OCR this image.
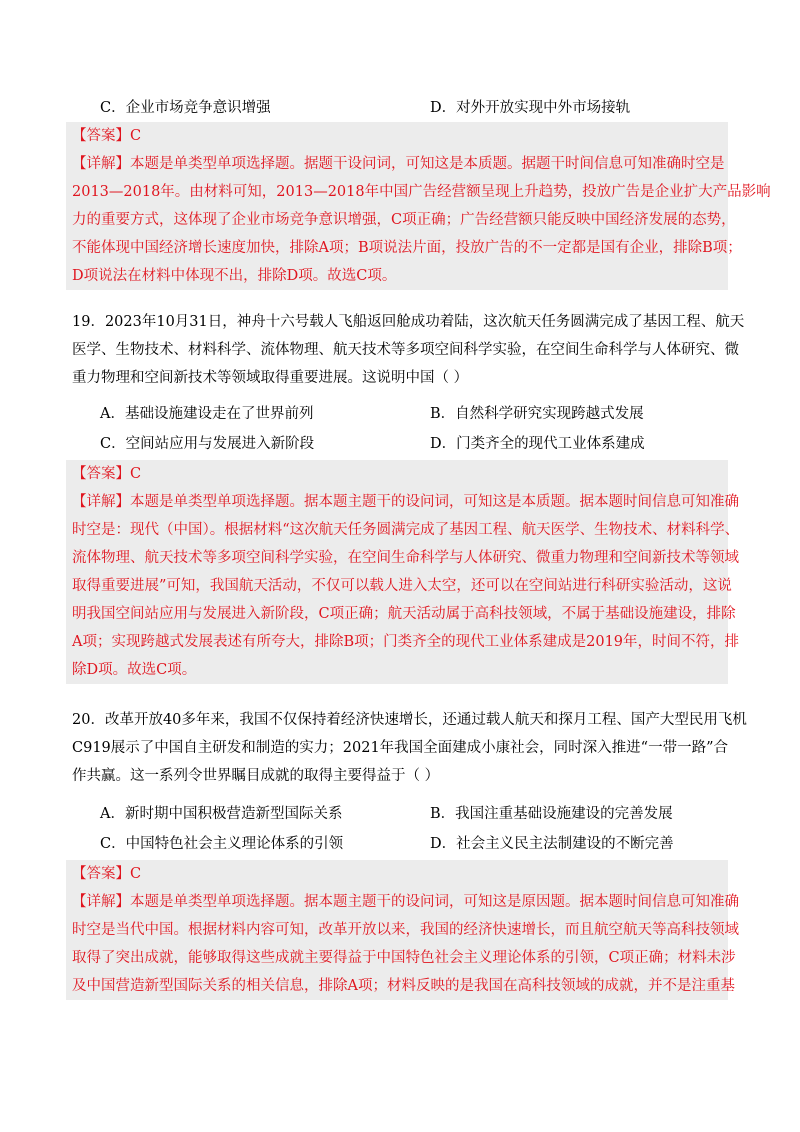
C．企业市场竞争意识增强	D．对外开放实现中外市场接轨
【答案】C
【详解】本题是单类型单项选择题。据题干设问词，可知这是本质题。据题干时间信息可知准确时空是
2013—2018年。由材料可知，2013—2018年中国广告经营额呈现上升趋势，投放广告是企业扩大产品影响
力的重要方式，这体现了企业市场竞争意识增强，C项正确；广告经营额只能反映中国经济发展的态势，
不能体现中国经济增长速度加快，排除A项；B项说法片面，投放广告的不一定都是国有企业，排除B项；
D项说法在材料中体现不出，排除D项。故选C项。
19．2023年10月31日，神舟十六号载人飞船返回舱成功着陆，这次航天任务圆满完成了基因工程、航天
医学、生物技术、材料科学、流体物理、航天技术等多项空间科学实验，在空间生命科学与人体研究、微
重力物理和空间新技术等领域取得重要进展。这说明中国（ ）
A．基础设施建设走在了世界前列	B．自然科学研究实现跨越式发展
C．空间站应用与发展进入新阶段	D．门类齐全的现代工业体系建成
【答案】C
【详解】本题是单类型单项选择题。据本题主题干的设问词，可知这是本质题。据本题时间信息可知准确
时空是：现代（中国）。根据材料“这次航天任务圆满完成了基因工程、航天医学、生物技术、材料科学、
流体物理、航天技术等多项空间科学实验，在空间生命科学与人体研究、微重力物理和空间新技术等领域
取得重要进展”可知，我国航天活动，不仅可以载人进入太空，还可以在空间站进行科研实验活动，这说
明我国空间站应用与发展进入新阶段，C项正确；航天活动属于高科技领域，不属于基础设施建设，排除
A项；实现跨越式发展表述有所夸大，排除B项；门类齐全的现代工业体系建成是2019年，时间不符，排
除D项。故选C项。
20．改革开放40多年来，我国不仅保持着经济快速增长，还通过载人航天和探月工程、国产大型民用飞机
C919展示了中国自主研发和制造的实力；2021年我国全面建成小康社会，同时深入推进“一带一路”合
作共赢。这一系列令世界瞩目成就的取得主要得益于（ ）
A．新时期中国积极营造新型国际关系	B．我国注重基础设施建设的完善发展
C．中国特色社会主义理论体系的引领	D．社会主义民主法制建设的不断完善
【答案】C
【详解】本题是单类型单项选择题。据本题主题干的设问词，可知这是原因题。据本题时间信息可知准确
时空是当代中国。根据材料内容可知，改革开放以来，我国的经济快速增长，而且航空航天等高科技领域
取得了突出成就，能够取得这些成就主要得益于中国特色社会主义理论体系的引领，C项正确；材料未涉
及中国营造新型国际关系的相关信息，排除A项；材料反映的是我国在高科技领域的成就，并不是注重基
